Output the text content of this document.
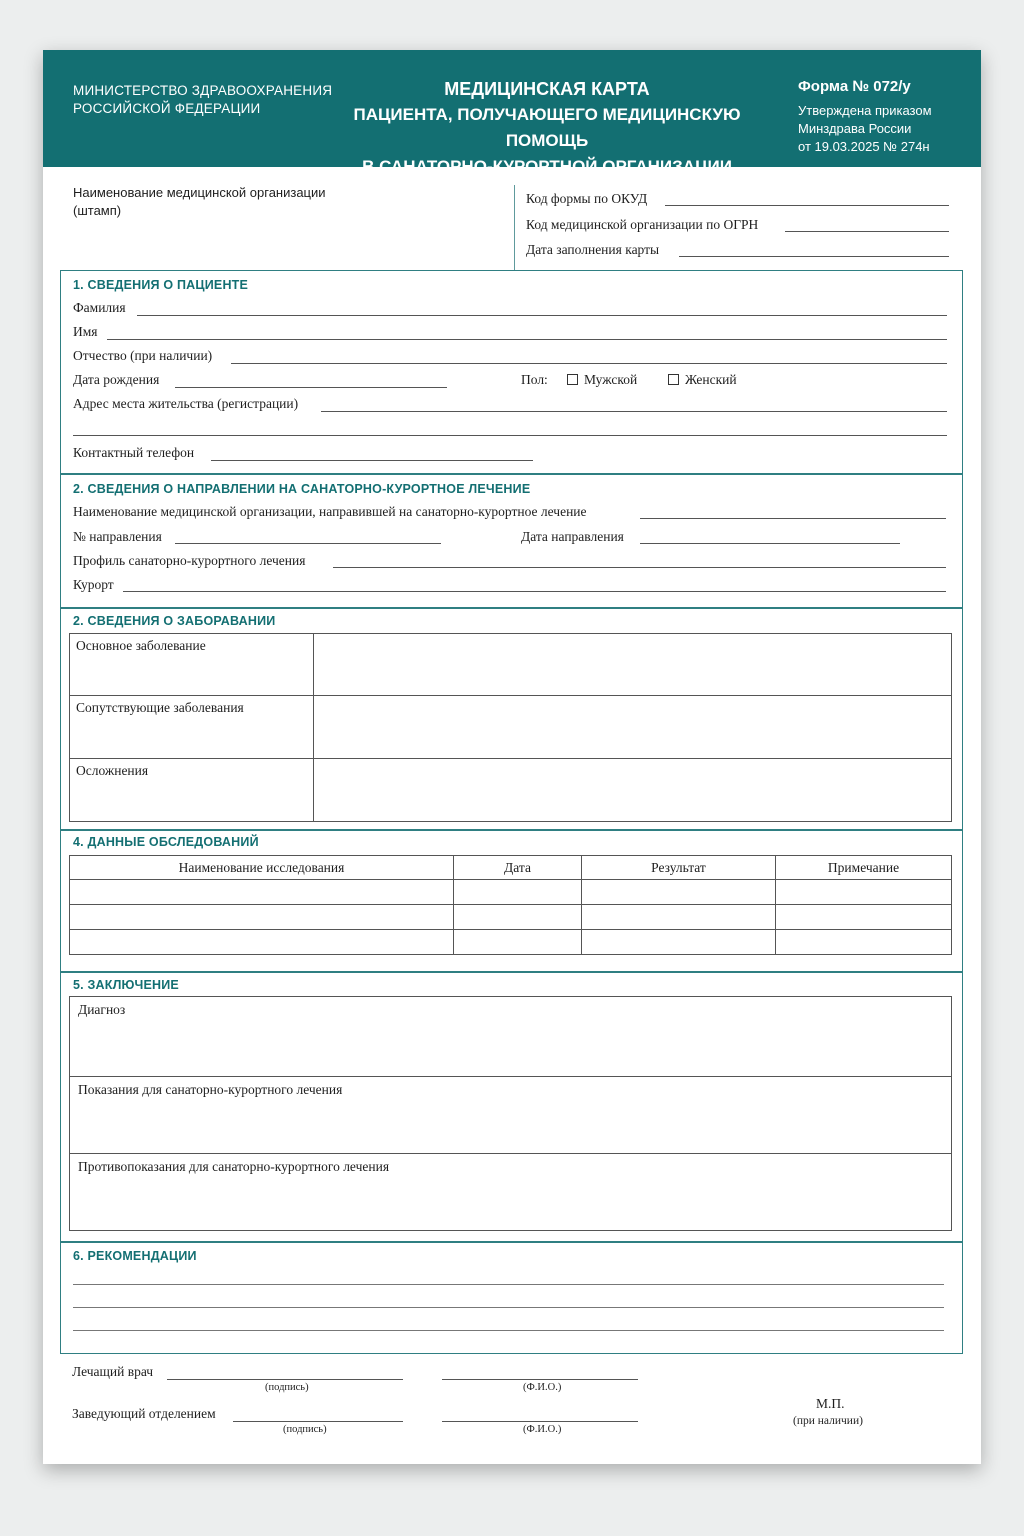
МИНИСТЕРСТВО ЗДРАВООХРАНЕНИЯ
РОССИЙСКОЙ ФЕДЕРАЦИИ
МЕДИЦИНСКАЯ КАРТА
ПАЦИЕНТА, ПОЛУЧАЮЩЕГО МЕДИЦИНСКУЮ ПОМОЩЬ
В САНАТОРНО-КУРОРТНОЙ ОРГАНИЗАЦИИ
Форма № 072/у
Утверждена приказом
Минздрава России
от 19.03.2025 № 274н
Наименование медицинской организации
(штамп)
Код формы по ОКУД
Код медицинской организации по ОГРН
Дата заполнения карты
1. СВЕДЕНИЯ О ПАЦИЕНТЕ
Фамилия
Имя
Отчество (при наличии)
Дата рождения	Пол:	Мужской	Женский
Адрес места жительства (регистрации)
Контактный телефон
2. СВЕДЕНИЯ О НАПРАВЛЕНИИ НА САНАТОРНО-КУРОРТНОЕ ЛЕЧЕНИЕ
Наименование медицинской организации, направившей на санаторно-курортное лечение
№ направления	Дата направления
Профиль санаторно-курортного лечения
Курорт
2. СВЕДЕНИЯ О ЗАБОРАВАНИИ
Основное заболевание	
Сопутствующие заболевания	
Осложнения	
4. ДАННЫЕ ОБСЛЕДОВАНИЙ
Наименование исследования	Дата	Результат	Примечание

5. ЗАКЛЮЧЕНИЕ
Диагноз
Показания для санаторно-курортного лечения
Противопоказания для санаторно-курортного лечения
6. РЕКОМЕНДАЦИИ
Лечащий врач
(подпись)	(Ф.И.О.)
Заведующий отделением
(подпись)	(Ф.И.О.)
М.П.
(при наличии)
